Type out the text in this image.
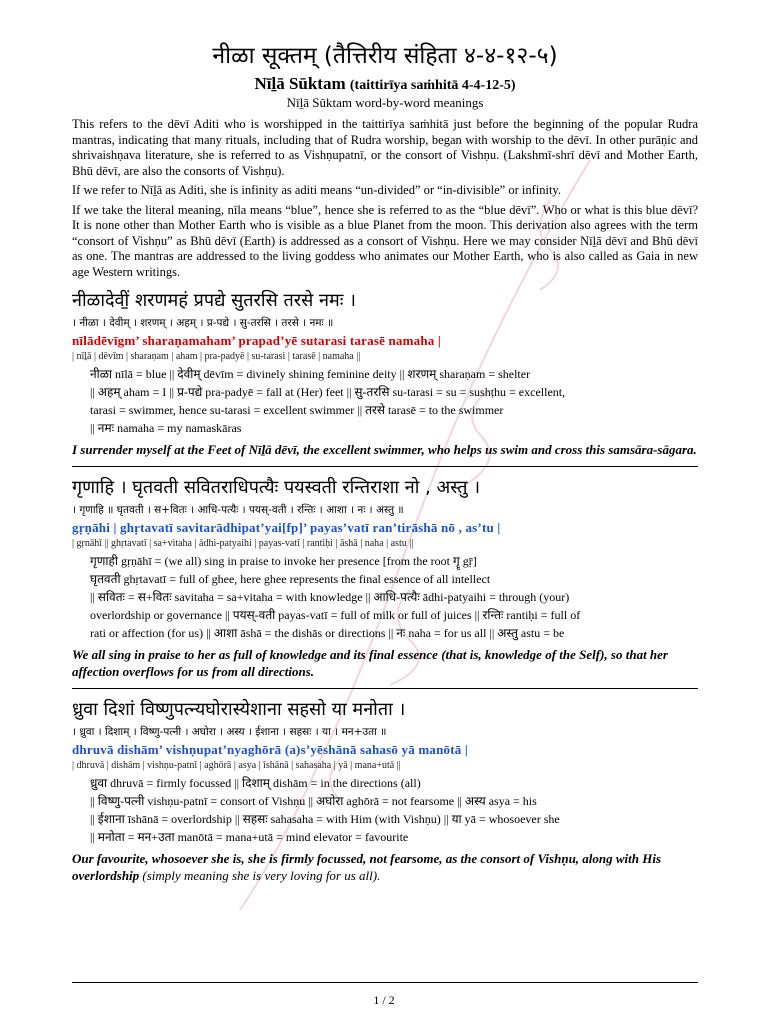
नीळा सूक्तम् (तैत्तिरीय संहिता ४-४-१२-५)
Nīḻā Sūktam (taittirīya saṁhitā 4-4-12-5)
Nīḻā Sūktam word-by-word meanings

This refers to the dēvī Aditi who is worshipped in the taittirīya saṁhitā just before the beginning of the popular Rudra mantras, indicating that many rituals, including that of Rudra worship, began with worship to the dēvī. In other purāṇic and shrivaishṇava literature, she is referred to as Vishṇupatnī, or the consort of Vishṇu. (Lakshmī-shrī dēvī and Mother Earth, Bhū dēvī, are also the consorts of Vishṇu).

If we refer to Nīḻā as Aditi, she is infinity as aditi means “un-divided” or “in-divisible” or infinity.

If we take the literal meaning, nīla means “blue”, hence she is referred to as the “blue dēvī”. Who or what is this blue dēvī? It is none other than Mother Earth who is visible as a blue Planet from the moon. This derivation also agrees with the term “consort of Vishṇu” as Bhū dēvī (Earth) is addressed as a consort of Vishṇu. Here we may consider Nīḻā dēvī and Bhū dēvī as one. The mantras are addressed to the living goddess who animates our Mother Earth, who is also called as Gaia in new age Western writings.

नीळादेवीं॒ शरणमहं प्रपद्ये सुतरसि तरसे नमः ।
। नीळा । देवीम् । शरणम् । अहम् । प्र-पद्ये । सु-तरसि । तरसे । नमः ॥
nīlādēvīgm’ sharaṇamaham’ prapad’yē sutarasi tarasē namaha |
| nīḻā | dēvīm | sharaṇam | aham | pra-padyē | su-tarasi | tarasē | namaha ||
नीळा nīlā = blue || देवीम् dēvīm = divinely shining feminine deity || शरणम् sharaṇam = shelter
|| अहम् aham = I || प्र-पद्ये pra-padyē = fall at (Her) feet || सु-तरसि su-tarasi = su = sushṭhu = excellent,
tarasi = swimmer, hence su-tarasi = excellent swimmer || तरसे tarasē = to the swimmer
|| नमः namaha = my namaskāras
I surrender myself at the Feet of Nīḻā dēvī, the excellent swimmer, who helps us swim and cross this samsāra-sāgara.
गृणाहि । घृतवती सवितराधिपत्यैः पयस्वती रन्तिराशा नो , अस्तु ।
। गृणाहि ॥ घृतवती । स+वितः । आधि-पत्यैः । पयस्-वती । रन्तिः । आशा । नः । अस्तु ॥
gṛṇāhi | ghṛtavatī savitarādhipat’yai[fp]’ payas’vatī ran’tirāshā nō , as’tu |
| gṛnāhī || ghṛtavatī | sa+vitaha | ādhi-patyaihi | payas-vatī | rantiḥi | āshā | naha | astu ||
गृणाही gṛṇāhī = (we all) sing in praise to invoke her presence [from the root गॄ gṝ]
घृतवती ghṛtavatī = full of ghee, here ghee represents the final essence of all intellect
|| सवितः = स+वितः savitaha = sa+vitaha = with knowledge || आधि-पत्यैः ādhi-patyaihi = through (your)
overlordship or governance || पयस्-वती payas-vatī = full of milk or full of juices || रन्तिः rantiḥi = full of
rati or affection (for us) || आशा āshā = the dishās or directions || नः naha = for us all || अस्तु astu = be
We all sing in praise to her as full of knowledge and its final essence (that is, knowledge of the Self), so that her affection overflows for us from all directions.
ध्रुवा दिशां विष्णुपत्न्यघोरास्येशाना सहसो या मनोता ।
। ध्रुवा । दिशाम् । विष्णु-पत्नी । अघोरा । अस्य । ईशाना । सहसः । या । मन+उता ॥
dhruvā dishām’ vishṇupat’nyaghōrā (a)s’yēshānā sahasō yā manōtā |
| dhruvā | dishām | vishṇu-patnī | aghōrā | asya | īshānā | sahasaha | yā | mana+utā ||
ध्रुवा dhruvā = firmly focussed || दिशाम् dishām = in the directions (all)
|| विष्णु-पत्नी vishṇu-patnī = consort of Vishṇu || अघोरा aghōrā = not fearsome || अस्य asya = his
|| ईशाना īshānā = overlordship || सहसः sahasaha = with Him (with Vishṇu) || या yā = whosoever she
|| मनोता = मन+उता manōtā = mana+utā = mind elevator = favourite
Our favourite, whosoever she is, she is firmly focussed, not fearsome, as the consort of Vishṇu, along with His overlordship (simply meaning she is very loving for us all).
1 / 2
